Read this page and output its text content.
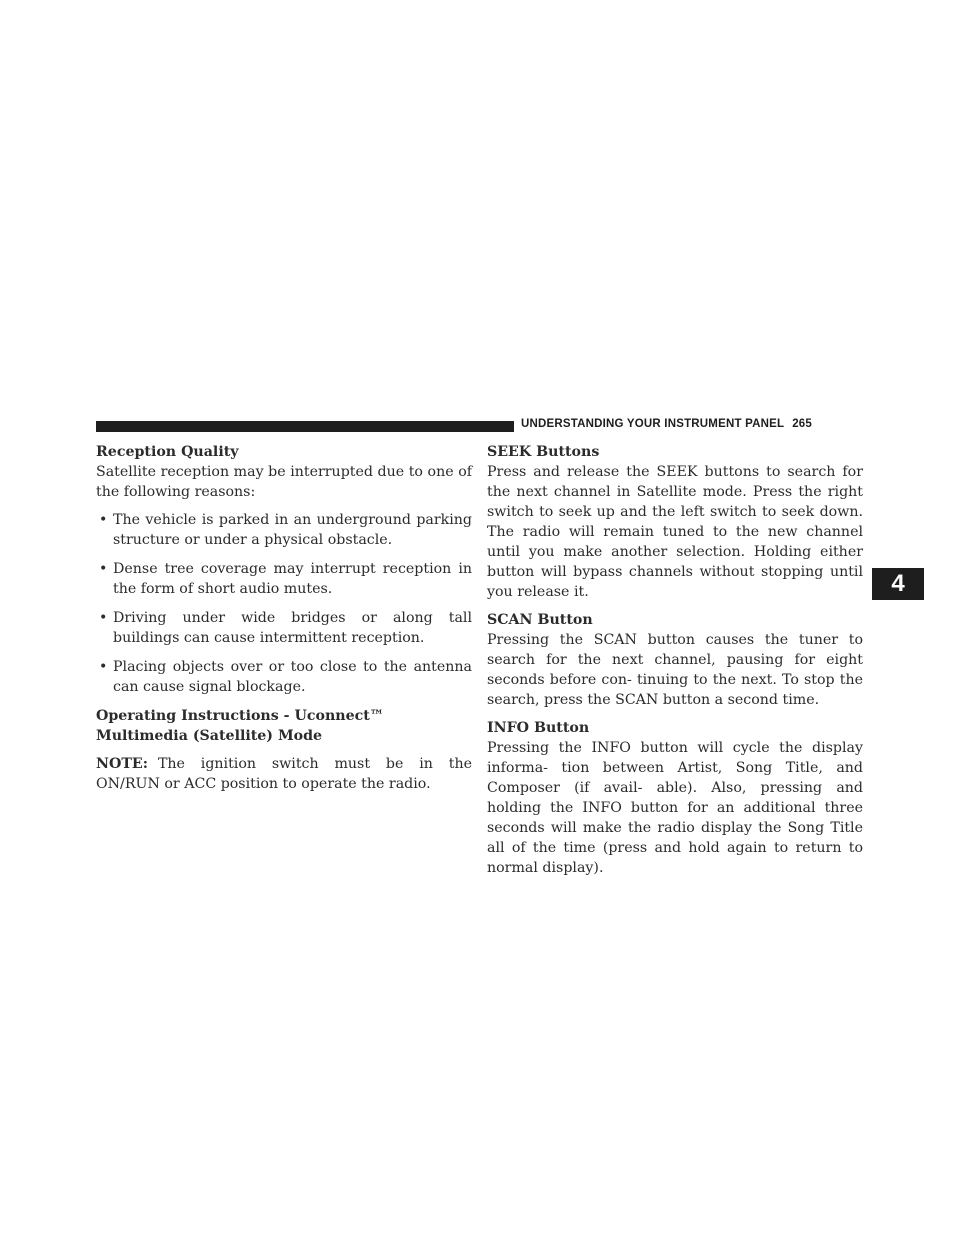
UNDERSTANDING YOUR INSTRUMENT PANEL 265
4
Reception Quality

Satellite reception may be interrupted due to one of the following reasons:

• The vehicle is parked in an underground parking structure or under a physical obstacle.
• Dense tree coverage may interrupt reception in the form of short audio mutes.
• Driving under wide bridges or along tall buildings can cause intermittent reception.
• Placing objects over or too close to the antenna can cause signal blockage.
Operating Instructions - Uconnect™ Multimedia (Satellite) Mode

NOTE: The ignition switch must be in the ON/RUN or ACC position to operate the radio.

SEEK Buttons

Press and release the SEEK buttons to search for the next channel in Satellite mode. Press the right switch to seek up and the left switch to seek down. The radio will remain tuned to the new channel until you make another selection. Holding either button will bypass channels without stopping until you release it.

SCAN Button

Pressing the SCAN button causes the tuner to search for the next channel, pausing for eight seconds before con- tinuing to the next. To stop the search, press the SCAN button a second time.

INFO Button

Pressing the INFO button will cycle the display informa- tion between Artist, Song Title, and Composer (if avail- able). Also, pressing and holding the INFO button for an additional three seconds will make the radio display the Song Title all of the time (press and hold again to return to normal display).
